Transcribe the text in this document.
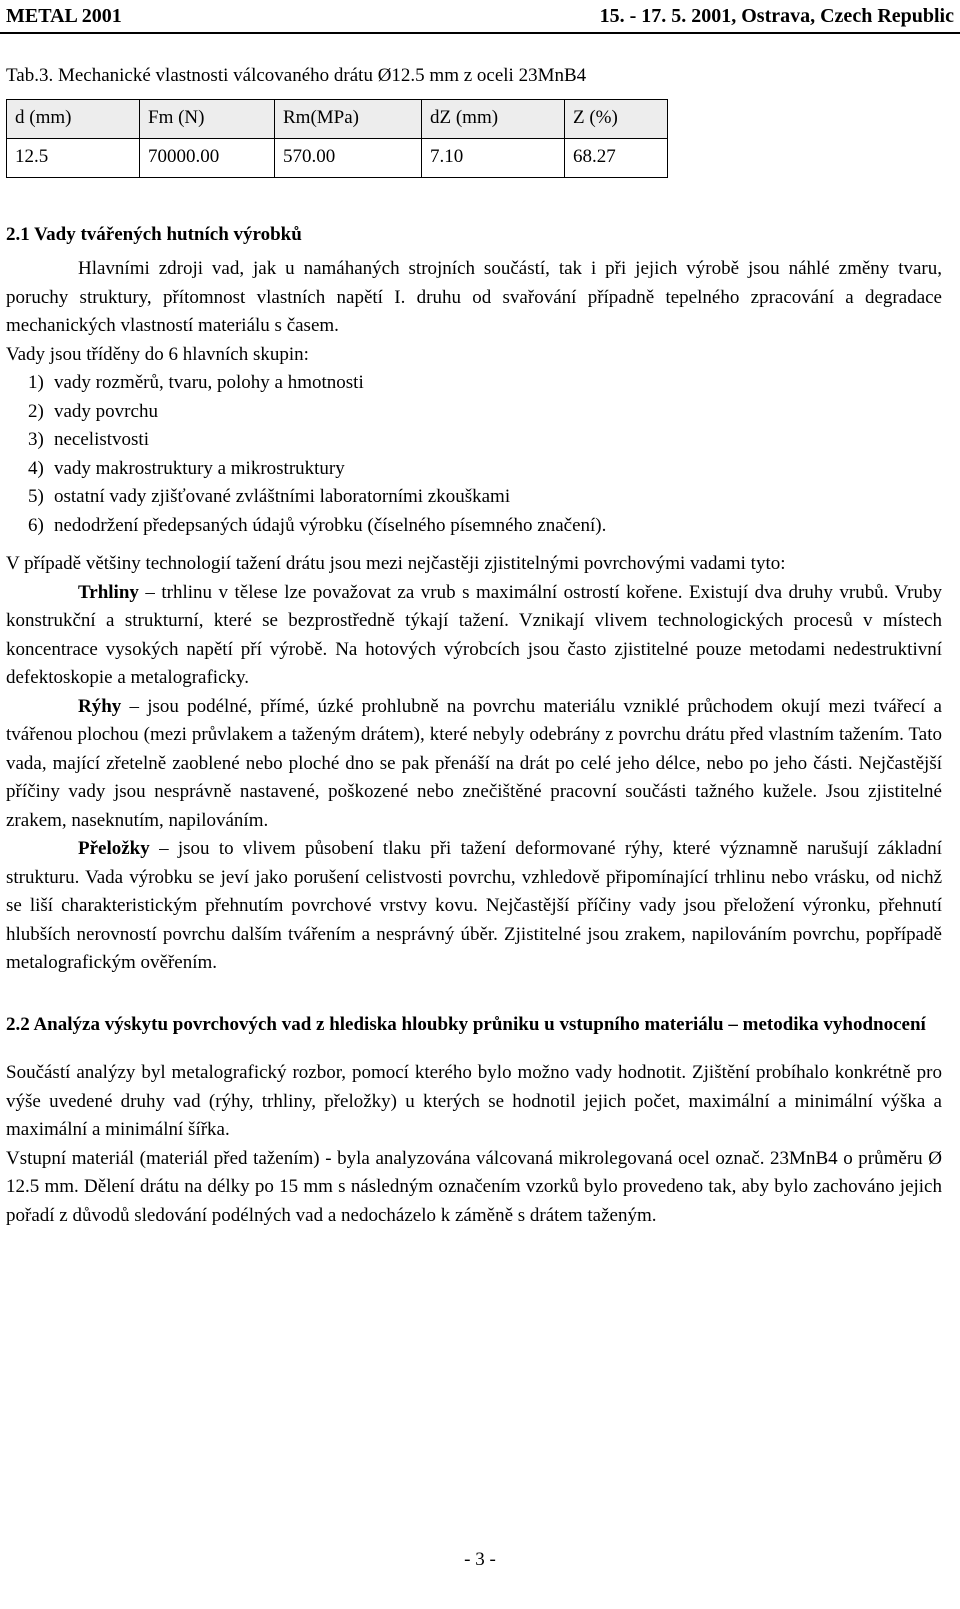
METAL 2001	15. - 17. 5. 2001, Ostrava, Czech Republic

Tab.3. Mechanické vlastnosti válcovaného drátu Ø12.5 mm z oceli 23MnB4

d (mm)	Fm (N)	Rm(MPa)	dZ (mm)	Z (%)
12.5	70000.00	570.00	7.10	68.27
2.1 Vady tvářených hutních výrobků

Hlavními zdroji vad, jak u namáhaných strojních součástí, tak i při jejich výrobě jsou náhlé změny tvaru, poruchy struktury, přítomnost vlastních napětí I. druhu od svařování případně tepelného zpracování a degradace mechanických vlastností materiálu s časem.

Vady jsou tříděny do 6 hlavních skupin:

1) vady rozměrů, tvaru, polohy a hmotnosti
2) vady povrchu
3) necelistvosti
4) vady makrostruktury a mikrostruktury
5) ostatní vady zjišťované zvláštními laboratorními zkouškami
6) nedodržení předepsaných údajů výrobku (číselného písemného značení).

V případě většiny technologií tažení drátu jsou mezi nejčastěji zjistitelnými povrchovými vadami tyto:

Trhliny – trhlinu v tělese lze považovat za vrub s maximální ostrostí kořene. Existují dva druhy vrubů. Vruby konstrukční a strukturní, které se bezprostředně týkají tažení. Vznikají vlivem technologických procesů v místech koncentrace vysokých napětí pří výrobě. Na hotových výrobcích jsou často zjistitelné pouze metodami nedestruktivní defektoskopie a metalograficky.

Rýhy – jsou podélné, přímé, úzké prohlubně na povrchu materiálu vzniklé průchodem okují mezi tvářecí a tvářenou plochou (mezi průvlakem a taženým drátem), které nebyly odebrány z povrchu drátu před vlastním tažením. Tato vada, mající zřetelně zaoblené nebo ploché dno se pak přenáší na drát po celé jeho délce, nebo po jeho části. Nejčastější příčiny vady jsou nesprávně nastavené, poškozené nebo znečištěné pracovní součásti tažného kužele. Jsou zjistitelné zrakem, naseknutím, napilováním.

Přeložky – jsou to vlivem působení tlaku při tažení deformované rýhy, které významně narušují základní strukturu. Vada výrobku se jeví jako porušení celistvosti povrchu, vzhledově připomínající trhlinu nebo vrásku, od nichž se liší charakteristickým přehnutím povrchové vrstvy kovu. Nejčastější příčiny vady jsou přeložení výronku, přehnutí hlubších nerovností povrchu dalším tvářením a nesprávný úběr. Zjistitelné jsou zrakem, napilováním povrchu, popřípadě metalografickým ověřením.

2.2 Analýza výskytu povrchových vad z hlediska hloubky průniku u vstupního materiálu – metodika vyhodnocení

Součástí analýzy byl metalografický rozbor, pomocí kterého bylo možno vady hodnotit. Zjištění probíhalo konkrétně pro výše uvedené druhy vad (rýhy, trhliny, přeložky) u kterých se hodnotil jejich počet, maximální a minimální výška a maximální a minimální šířka.

Vstupní materiál (materiál před tažením) - byla analyzována válcovaná mikrolegovaná ocel označ. 23MnB4 o průměru Ø 12.5 mm. Dělení drátu na délky po 15 mm s následným označením vzorků bylo provedeno tak, aby bylo zachováno jejich pořadí z důvodů sledování podélných vad a nedocházelo k záměně s drátem taženým.

- 3 -
